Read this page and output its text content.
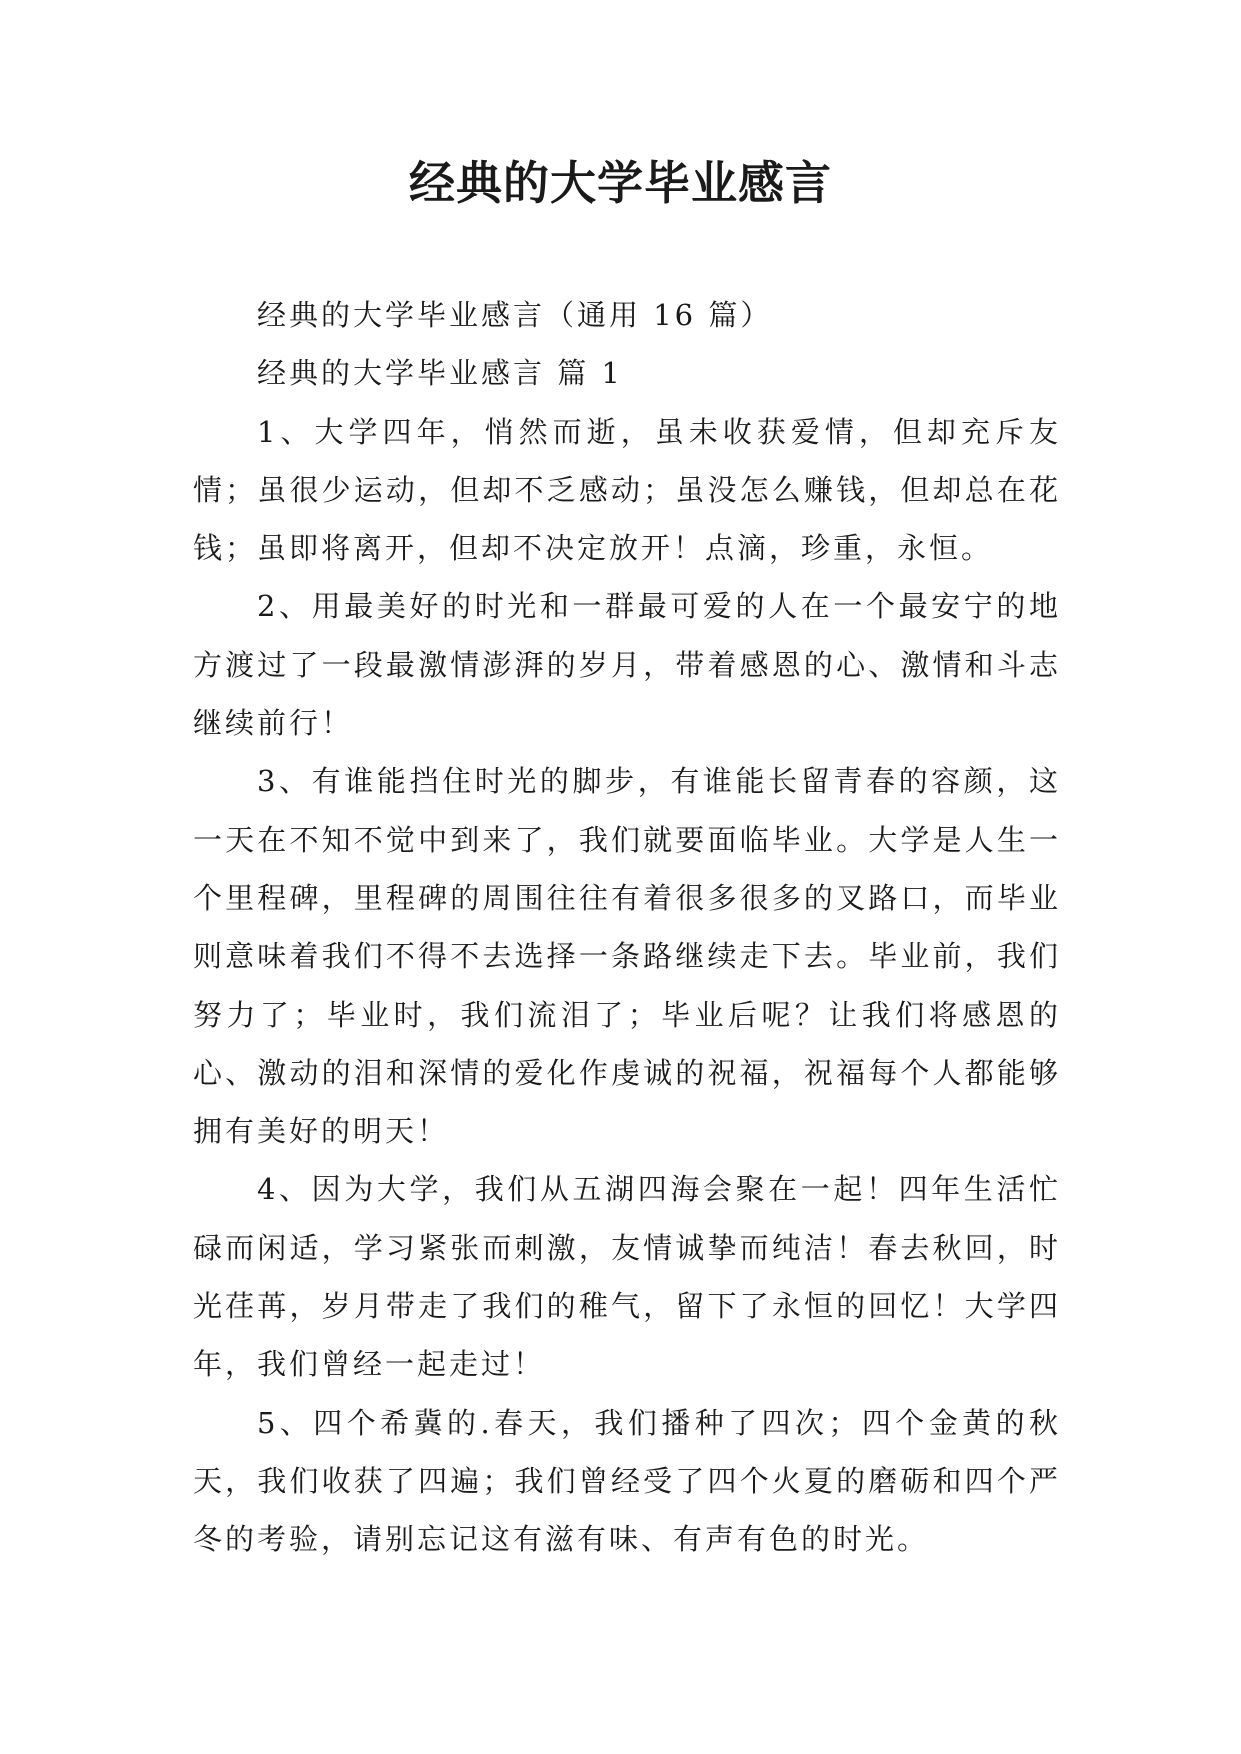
经典的大学毕业感言

经典的大学毕业感言（通用 16 篇）

经典的大学毕业感言 篇 1

1、大学四年，悄然而逝，虽未收获爱情，但却充斥友情；虽很少运动，但却不乏感动；虽没怎么赚钱，但却总在花钱；虽即将离开，但却不决定放开！点滴，珍重，永恒。

2、用最美好的时光和一群最可爱的人在一个最安宁的地方渡过了一段最激情澎湃的岁月，带着感恩的心、激情和斗志继续前行！

3、有谁能挡住时光的脚步，有谁能长留青春的容颜，这一天在不知不觉中到来了，我们就要面临毕业。大学是人生一个里程碑，里程碑的周围往往有着很多很多的叉路口，而毕业则意味着我们不得不去选择一条路继续走下去。毕业前，我们努力了；毕业时，我们流泪了；毕业后呢？让我们将感恩的心、激动的泪和深情的爱化作虔诚的祝福，祝福每个人都能够拥有美好的明天！

4、因为大学，我们从五湖四海会聚在一起！四年生活忙碌而闲适，学习紧张而刺激，友情诚挚而纯洁！春去秋回，时光荏苒，岁月带走了我们的稚气，留下了永恒的回忆！大学四年，我们曾经一起走过！

5、四个希冀的.春天，我们播种了四次；四个金黄的秋天，我们收获了四遍；我们曾经受了四个火夏的磨砺和四个严冬的考验，请别忘记这有滋有味、有声有色的时光。
